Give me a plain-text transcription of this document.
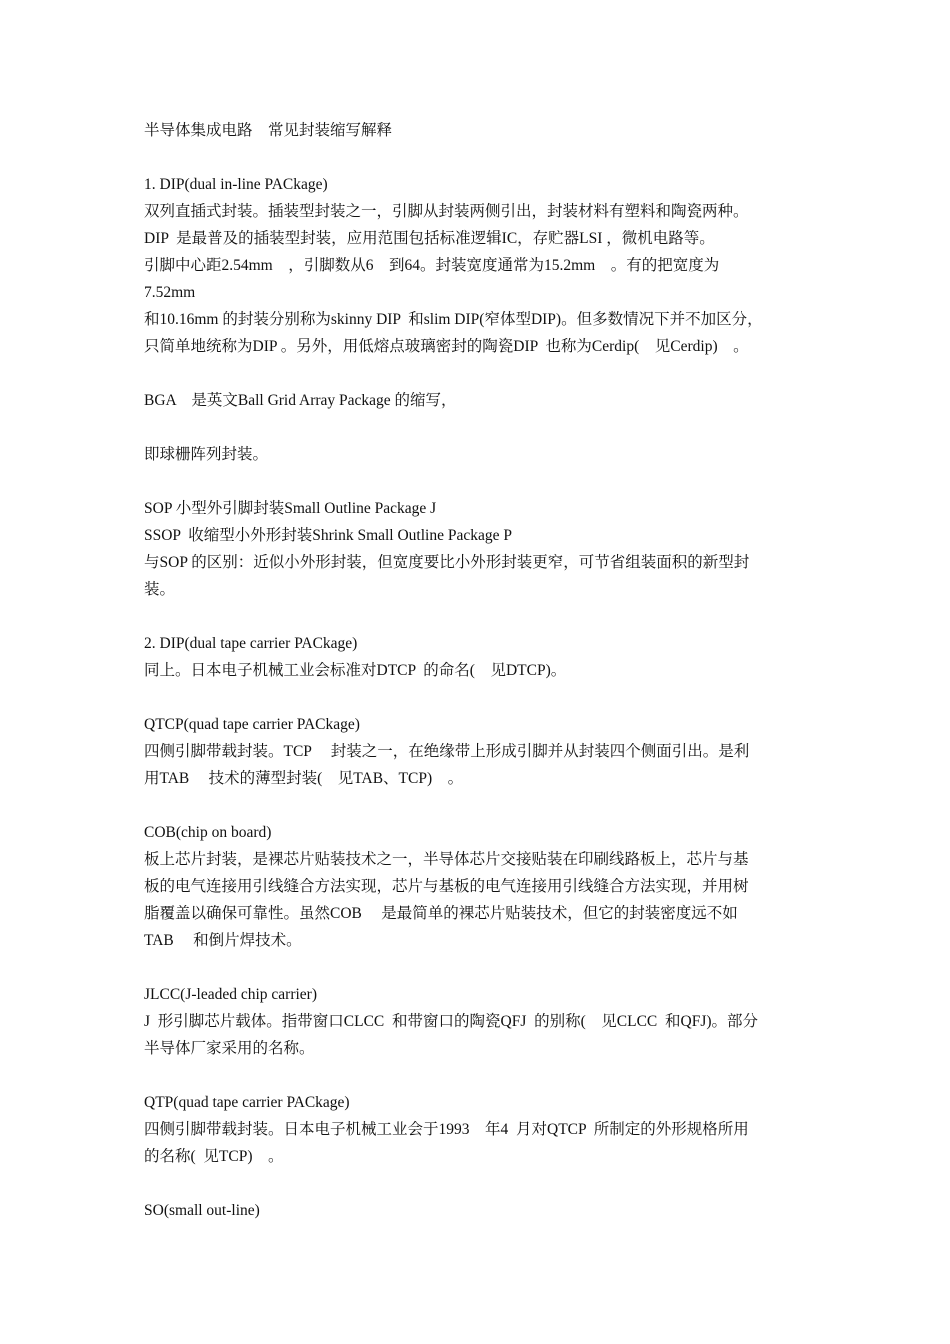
半导体集成电路　常见封装缩写解释
1. DIP(dual in-line PACkage)
双列直插式封装。插装型封装之一，引脚从封装两侧引出，封装材料有塑料和陶瓷两种。
DIP  是最普及的插装型封装，应用范围包括标准逻辑IC，存贮器LSI ，微机电路等。
引脚中心距2.54mm　，引脚数从6　到64。封装宽度通常为15.2mm　。有的把宽度为
7.52mm
和10.16mm 的封装分别称为skinny DIP  和slim DIP(窄体型DIP)。但多数情况下并不加区分，
只简单地统称为DIP 。另外，用低熔点玻璃密封的陶瓷DIP  也称为Cerdip(　见Cerdip)　。
BGA　是英文Ball Grid Array Package 的缩写，
即球栅阵列封装。
SOP 小型外引脚封装Small Outline Package J
SSOP  收缩型小外形封装Shrink Small Outline Package P
与SOP 的区别：近似小外形封装，但宽度要比小外形封装更窄，可节省组装面积的新型封
装。
2. DIP(dual tape carrier PACkage)
同上。日本电子机械工业会标准对DTCP  的命名(　见DTCP)。
QTCP(quad tape carrier PACkage)
四侧引脚带载封装。TCP　 封装之一，在绝缘带上形成引脚并从封装四个侧面引出。是利
用TAB　 技术的薄型封装(　见TAB、TCP)　。
COB(chip on board)
板上芯片封装，是裸芯片贴装技术之一，半导体芯片交接贴装在印刷线路板上，芯片与基
板的电气连接用引线缝合方法实现，芯片与基板的电气连接用引线缝合方法实现，并用树
脂覆盖以确保可靠性。虽然COB　 是最简单的裸芯片贴装技术，但它的封装密度远不如
TAB　 和倒片焊技术。
JLCC(J-leaded chip carrier)
J  形引脚芯片载体。指带窗口CLCC  和带窗口的陶瓷QFJ  的别称(　见CLCC  和QFJ)。部分
半导体厂家采用的名称。
QTP(quad tape carrier PACkage)
四侧引脚带载封装。日本电子机械工业会于1993　年4  月对QTCP  所制定的外形规格所用
的名称(  见TCP)　。
SO(small out-line)
